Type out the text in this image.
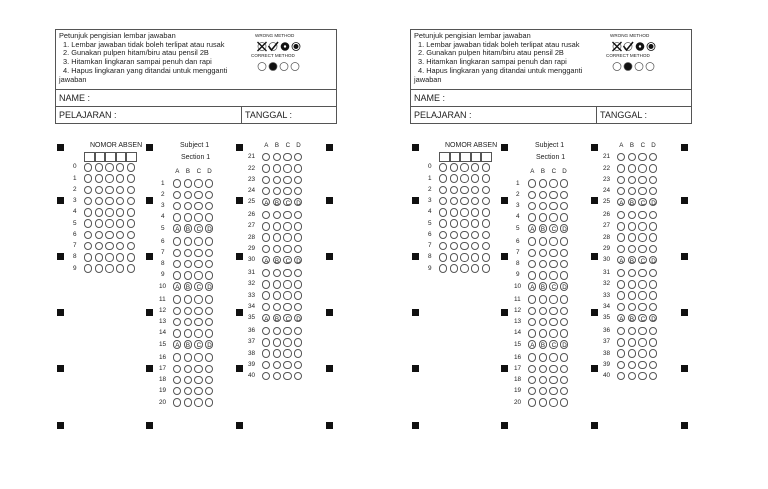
Petunjuk pengisian lembar jawaban
1. Lembar jawaban tidak boleh terlipat atau rusak
2. Gunakan pulpen hitam/biru atau pensil 2B
3. Hitamkan lingkaran sampai penuh dan rapi
4. Hapus lingkaran yang ditandai untuk mengganti
jawaban
WRONG METHOD
CORRECT METHOD
NAME :
PELAJARAN :	TANGGAL :
NOMOR ABSEN
0
1
2
3
4
5
6
7
8
9
Subject 1
Section 1
A B C D
1
2
3
4
5 A B C D
6
7
8
9
10 A B C D
11
12
13
14
15 A B C D
16
17
18
19
20
A B C D
21
22
23
24
25 A B C D
26
27
28
29
30 A B C D
31
32
33
34
35 A B C D
36
37
38
39
40
Petunjuk pengisian lembar jawaban
1. Lembar jawaban tidak boleh terlipat atau rusak
2. Gunakan pulpen hitam/biru atau pensil 2B
3. Hitamkan lingkaran sampai penuh dan rapi
4. Hapus lingkaran yang ditandai untuk mengganti
jawaban
WRONG METHOD
CORRECT METHOD
NAME :
PELAJARAN :	TANGGAL :
NOMOR ABSEN
0
1
2
3
4
5
6
7
8
9
Subject 1
Section 1
A B C D
1
2
3
4
5 A B C D
6
7
8
9
10 A B C D
11
12
13
14
15 A B C D
16
17
18
19
20
A B C D
21
22
23
24
25 A B C D
26
27
28
29
30 A B C D
31
32
33
34
35 A B C D
36
37
38
39
40
